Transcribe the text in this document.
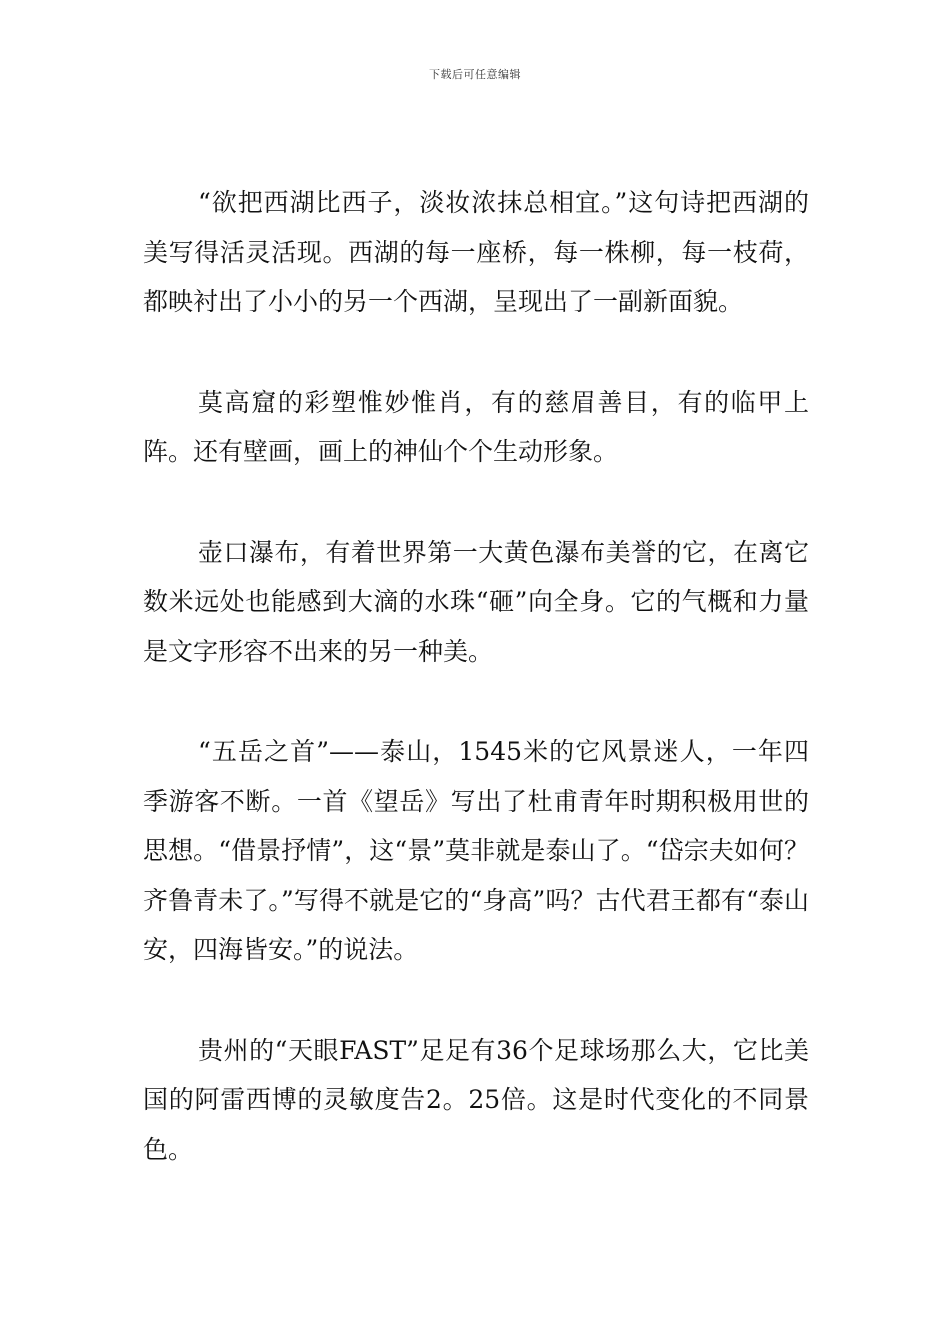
下载后可任意编辑

“欲把西湖比西子，淡妆浓抹总相宜。”这句诗把西湖的美写得活灵活现。西湖的每一座桥，每一株柳，每一枝荷，都映衬出了小小的另一个西湖，呈现出了一副新面貌。

莫高窟的彩塑惟妙惟肖，有的慈眉善目，有的临甲上阵。还有壁画，画上的神仙个个生动形象。

壶口瀑布，有着世界第一大黄色瀑布美誉的它，在离它数米远处也能感到大滴的水珠“砸”向全身。它的气概和力量是文字形容不出来的另一种美。

“五岳之首”——泰山，1545米的它风景迷人，一年四季游客不断。一首《望岳》写出了杜甫青年时期积极用世的思想。“借景抒情”，这“景”莫非就是泰山了。“岱宗夫如何？齐鲁青未了。”写得不就是它的“身高”吗？古代君王都有“泰山安，四海皆安。”的说法。

贵州的“天眼FAST”足足有36个足球场那么大，它比美国的阿雷西博的灵敏度告2。25倍。这是时代变化的不同景色。
